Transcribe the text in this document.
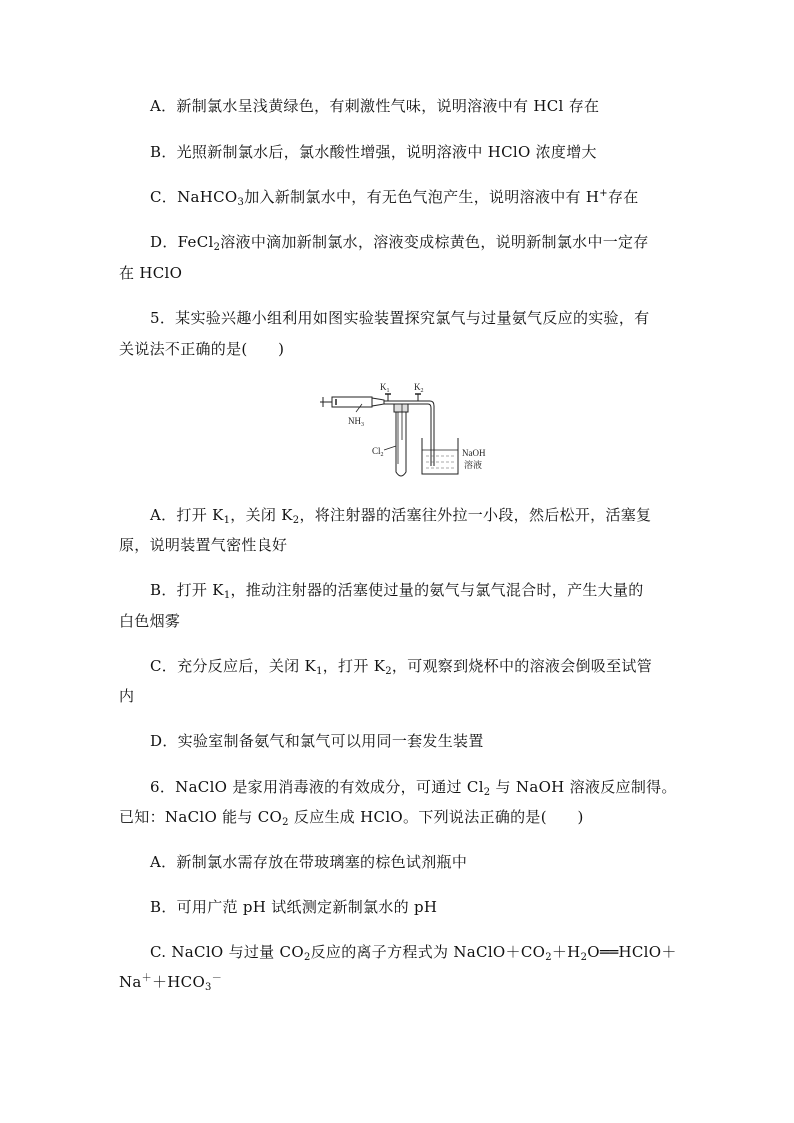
A．新制氯水呈浅黄绿色，有刺激性气味，说明溶液中有 HCl 存在
B．光照新制氯水后，氯水酸性增强，说明溶液中 HClO 浓度增大
C．NaHCO$_3$加入新制氯水中，有无色气泡产生，说明溶液中有 H+存在
D．FeCl$_2$溶液中滴加新制氯水，溶液变成棕黄色，说明新制氯水中一定存
在 HClO
5．某实验兴趣小组利用如图实验装置探究氯气与过量氨气反应的实验，有
关说法不正确的是(　　)
$NH_3$
$K_1$
$Cl_2$
$K_2$
NaOH
溶液
A．打开 $K_1$，关闭 $K_2$，将注射器的活塞往外拉一小段，然后松开，活塞复
原，说明装置气密性良好
B．打开 $K_1$，推动注射器的活塞使过量的氨气与氯气混合时，产生大量的
白色烟雾
C．充分反应后，关闭 $K_1$，打开 $K_2$，可观察到烧杯中的溶液会倒吸至试管
内
D．实验室制备氨气和氯气可以用同一套发生装置
6．NaClO 是家用消毒液的有效成分，可通过 $Cl_2$ 与 NaOH 溶液反应制得。
已知：NaClO 能与 $CO_2$ 反应生成 HClO。下列说法正确的是(　　)
A．新制氯水需存放在带玻璃塞的棕色试剂瓶中
B．可用广范 pH 试纸测定新制氯水的 pH
C. NaClO 与过量 $CO_2$反应的离子方程式为 $NaClO+CO_2+H_2O══HClO+$
$Na^++HCO_3^-$
